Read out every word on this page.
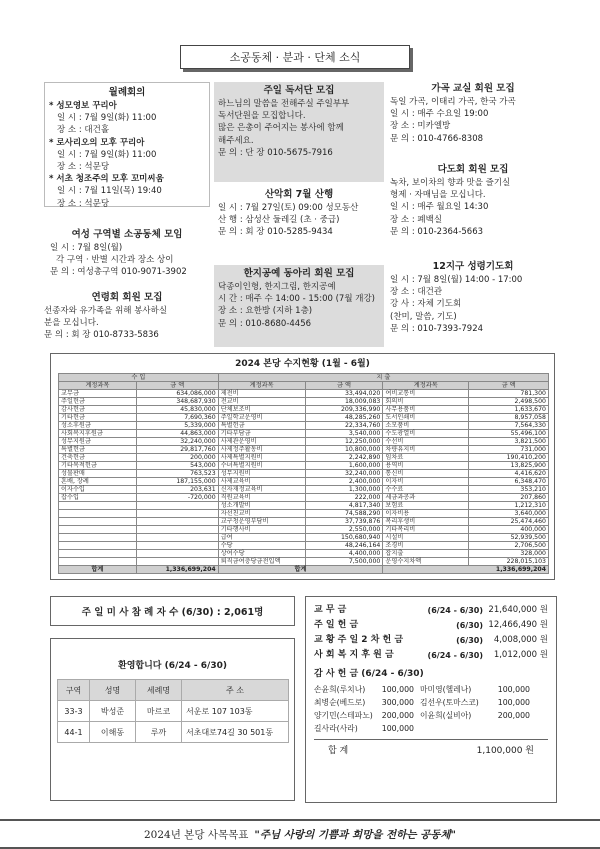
소공동체 · 분과 · 단체 소식
월례회의
* 성모영보 꾸리아
일 시 : 7월 9일(화) 11:00
장 소 : 대건홀
* 로사리오의 모후 꾸리아
일 시 : 7월 9일(화) 11:00
장 소 : 석문당
* 서초 청조주의 모후 꼬미씨움
일 시 : 7월 11일(목) 19:40
장 소 : 석문당
여성 구역별 소공동체 모임
일 시 : 7월 8일(월)
각 구역 · 반별 시간과 장소 상이
문 의 : 여성총구역 010-9071-3902
연령회 회원 모집
선종자와 유가족을 위해 봉사하실
분을 모십니다.
문 의 : 회 장 010-8733-5836
주일 독서단 모집
하느님의 말씀을 전해주실 주일부부
독서단원을 모집합니다.
많은 은총이 주어지는 봉사에 함께
해주세요.
문 의 : 단 장 010-5675-7916
산악회 7월 산행
일 시 : 7월 27일(토) 09:00 성모동산
산 행 : 삼성산 둘레길 (초 · 중급)
문 의 : 회 장 010-5285-9434
한지공예 동아리 회원 모집
닥종이인형, 한지그림, 한지공예
시 간 : 매주 수 14:00 - 15:00 (7월 개강)
장 소 : 요한방 (지하 1층)
문 의 : 010-8680-4456
가곡 교실 회원 모집
독일 가곡, 이태리 가곡, 한국 가곡
일 시 : 매주 수요일 19:00
장 소 : 미카엘방
문 의 : 010-4766-8308
다도회 회원 모집
녹차, 보이차의 향과 맛을 즐기실
형제 · 자매님을 모십니다.
일 시 : 매주 월요일 14:30
장 소 : 폐백실
문 의 : 010-2364-5663
12지구 성령기도회
일 시 : 7월 8일(월) 14:00 - 17:00
장 소 : 대건관
강 사 : 자체 기도회
(찬미, 말씀, 기도)
문 의 : 010-7393-7924
2024 본당 수지현황 (1월 - 6월)
수 입		지 출			
계정과목	금 액	계정과목	금 액	계정과목	금 액
교무금	634,086,000	제전비	33,494,020	여비교통비	781,300
주일헌금	348,687,930	전교비	18,009,083	회의비	2,498,500
감사헌금	45,830,000	단체보조비	209,336,990	사무용품비	1,633,670
기타헌금	7,690,360	주일학교운영비	48,285,260	도서인쇄비	8,957,058
성소후원금	5,339,000	특별헌금	22,334,760	소모품비	7,564,330
사회복지후원금	44,863,000	기타부담금	3,540,000	수도광열비	55,496,100
성무지원금	32,240,000	사제관운영비	12,250,000	수선비	3,821,500
특별헌금	29,817,760	사제정주활동비	10,800,000	차량유지비	731,000
건축헌금	200,000	사제특별지원비	2,242,890	임차료	190,410,200
기타목적헌금	543,000	수녀특별지원비	1,600,000	용역비	13,825,900
성물판매	763,523	성무지원비	32,240,000	통신비	4,416,620
혼배, 장례	187,155,000	사제교육비	2,400,000	이자비	6,348,470
이자수입	203,631	신자재정교육비	1,300,000	수수료	353,210
잡수입	-720,000	직원교육비	222,000	세금과공과	207,860
		성소개발비	4,817,340	보험료	1,212,310
		자선친교비	74,588,290	이자비용	3,640,000
		교구청운영부담비	37,739,876	복리후생비	25,474,460
		기타행사비	2,550,000	기타복리비	400,000
		급여	150,680,940	시설비	52,939,500
		수당	48,246,164	조경비	2,706,500
		상여수당	4,400,000	잡지출	328,000
		퇴직금여충당금전입액	7,500,000	운영수지차액	228,015,103
합계	1,336,699,204	합계		1,336,699,204	
주 일 미 사 참 례 자 수 (6/30) : 2,061명
환영합니다 (6/24 - 6/30)
구역	성명	세례명	주 소
33-3	박성준	마르코	서운로 107 103동
44-1	이해동	루까	서초대로74길 30 501동
교 무 금	(6/24 - 6/30) 21,640,000 원
주 일 헌 금	(6/30) 12,466,490 원
교 황 주 일 2 차 헌 금	(6/30)	4,008,000 원
사 회 복 지 후 원 금	(6/24 - 6/30)	1,012,000 원
감 사 헌 금 (6/24 - 6/30)
손윤희(루치나)	100,000 마미영(헬레나)	100,000
최병순(베드로)	300,000 김선우(토마스코)	100,000
양기민(스테파노)	200,000 이윤희(실비아)	200,000
길사라(사라)	100,000
합 계	1,100,000 원
2024년 본당 사목목표 "주님 사랑의 기쁨과 희망을 전하는 공동체"
